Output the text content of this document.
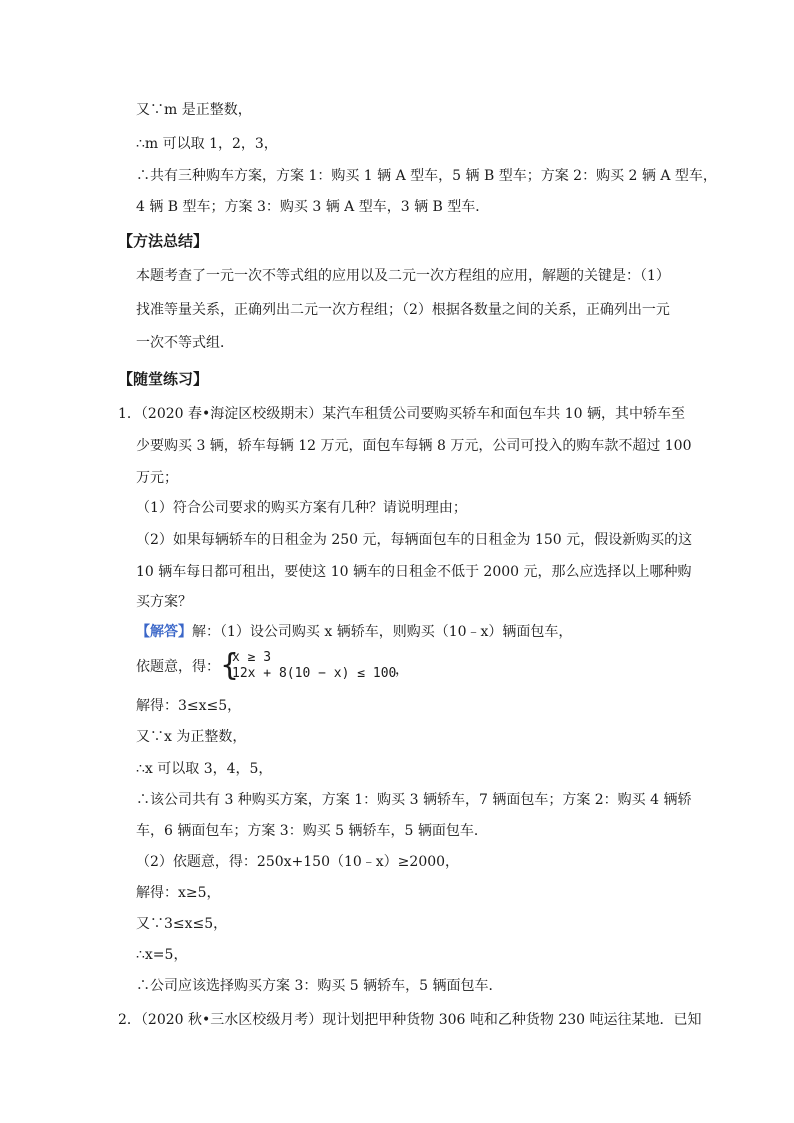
又∵m 是正整数，
∴m 可以取 1，2，3，
∴共有三种购车方案，方案 1：购买 1 辆 A 型车，5 辆 B 型车；方案 2：购买 2 辆 A 型车，
4 辆 B 型车；方案 3：购买 3 辆 A 型车，3 辆 B 型车．
【方法总结】
本题考查了一元一次不等式组的应用以及二元一次方程组的应用，解题的关键是：（1）
找准等量关系，正确列出二元一次方程组；（2）根据各数量之间的关系，正确列出一元
一次不等式组．
【随堂练习】
1．（2020 春•海淀区校级期末）某汽车租赁公司要购买轿车和面包车共 10 辆，其中轿车至
少要购买 3 辆，轿车每辆 12 万元，面包车每辆 8 万元，公司可投入的购车款不超过 100
万元；
（1）符合公司要求的购买方案有几种？请说明理由；
（2）如果每辆轿车的日租金为 250 元，每辆面包车的日租金为 150 元，假设新购买的这
10 辆车每日都可租出，要使这 10 辆车的日租金不低于 2000 元，那么应选择以上哪种购
买方案？
【解答】解：（1）设公司购买 x 辆轿车，则购买（10﹣x）辆面包车，
依题意，得： {
x ≥ 3
12x + 8(10 − x) ≤ 100
，
解得：3≤x≤5，
又∵x 为正整数，
∴x 可以取 3，4，5，
∴该公司共有 3 种购买方案，方案 1：购买 3 辆轿车，7 辆面包车；方案 2：购买 4 辆轿
车，6 辆面包车；方案 3：购买 5 辆轿车，5 辆面包车．
（2）依题意，得：250x+150（10﹣x）≥2000，
解得：x≥5，
又∵3≤x≤5，
∴x=5，
∴公司应该选择购买方案 3：购买 5 辆轿车，5 辆面包车．
2．（2020 秋•三水区校级月考）现计划把甲种货物 306 吨和乙种货物 230 吨运往某地．已知
